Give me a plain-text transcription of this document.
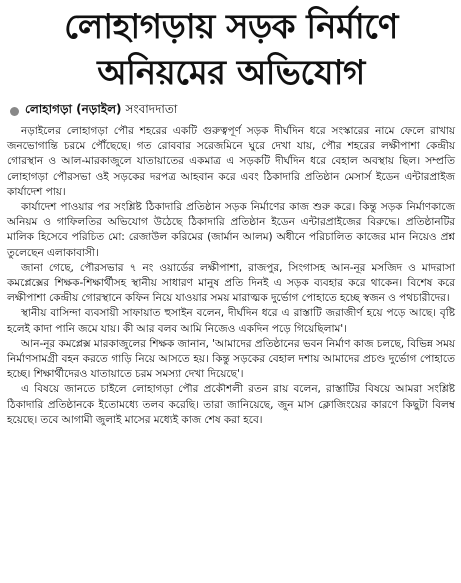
লোহাগড়ায় সড়ক নির্মাণে
অনিয়মের অভিযোগ
লোহাগড়া (নড়াইল) সংবাদদাতা

নড়াইলের লোহাগড়া পৌর শহরের একটি গুরুত্বপূর্ণ সড়ক দীর্ঘদিন ধরে সংস্কারের নামে ফেলে রাখায় জনভোগান্তি চরমে পৌঁছেছে। গত রোববার সরেজমিনে ঘুরে দেখা যায়, পৌর শহরের লক্ষীপাশা কেন্দ্রীয় গোরস্থান ও আল-মারকাজুলে যাতায়াতের একমাত্র এ সড়কটি দীর্ঘদিন ধরে বেহাল অবস্থায় ছিল। সম্প্রতি লোহাগড়া পৌরসভা ওই সড়কের দরপত্র আহবান করে এবং ঠিকাদারি প্রতিষ্ঠান মেসার্স ইডেন এন্টারপ্রাইজ কার্যাদেশ পায়।

কার্যাদেশ পাওয়ার পর সংশ্লিষ্ট ঠিকাদারি প্রতিষ্ঠান সড়ক নির্মাণের কাজ শুরু করে। কিন্তু সড়ক নির্মাণকাজে অনিয়ম ও গাফিলতির অভিযোগ উঠেছে ঠিকাদারি প্রতিষ্ঠান ইডেন এন্টারপ্রাইজের বিরুদ্ধে। প্রতিষ্ঠানটির মালিক হিসেবে পরিচিত মো: রেজাউল করিমের (জার্মান আলম) অধীনে পরিচালিত কাজের মান নিয়েও প্রশ্ন তুলেছেন এলাকাবাসী।

জানা গেছে, পৌরসভার ৭ নং ওয়ার্ডের লক্ষীপাশা, রাজপুর, সিংগাসহ আন-নূর মসজিদ ও মাদরাসা কমপ্লেক্সের শিক্ষক-শিক্ষার্থীসহ স্থানীয় সাধারণ মানুষ প্রতি দিনই এ সড়ক ব্যবহার করে থাকেন। বিশেষ করে লক্ষীপাশা কেন্দ্রীয় গোরস্থানে কফিন নিয়ে যাওয়ার সময় মারাত্মক দুর্ভোগ পোহাতে হচ্ছে স্বজন ও পথচারীদের।

স্থানীয় বাসিন্দা ব্যবসায়ী সাফায়াত হুসাইন বলেন, দীর্ঘদিন ধরে এ রাস্তাটি জরাজীর্ণ হয়ে পড়ে আছে। বৃষ্টি হলেই কাদা পানি জমে যায়। কী আর বলব আমি নিজেও একদিন পড়ে গিয়েছিলাম'।

আন-নূর কমপ্লেক্স মারকাজুলের শিক্ষক জানান, 'আমাদের প্রতিষ্ঠানের ভবন নির্মাণ কাজ চলছে, বিভিন্ন সময় নির্মাণসামগ্রী বহন করতে গাড়ি নিয়ে আসতে হয়। কিন্তু সড়কের বেহাল দশায় আমাদের প্রচণ্ড দুর্ভোগ পোহাতে হচ্ছে। শিক্ষার্থীদেরও যাতায়াতে চরম সমস্যা দেখা দিয়েছে'।

এ বিষয়ে জানতে চাইলে লোহাগড়া পৌর প্রকৌশলী রতন রায় বলেন, রাস্তাটির বিষয়ে আমরা সংশ্লিষ্ট ঠিকাদারি প্রতিষ্ঠানকে ইতোমধ্যে তলব করেছি। তারা জানিয়েছে, জুন মাস ক্লোজিংয়ের কারণে কিছুটা বিলম্ব হয়েছে। তবে আগামী জুলাই মাসের মধ্যেই কাজ শেষ করা হবে।
